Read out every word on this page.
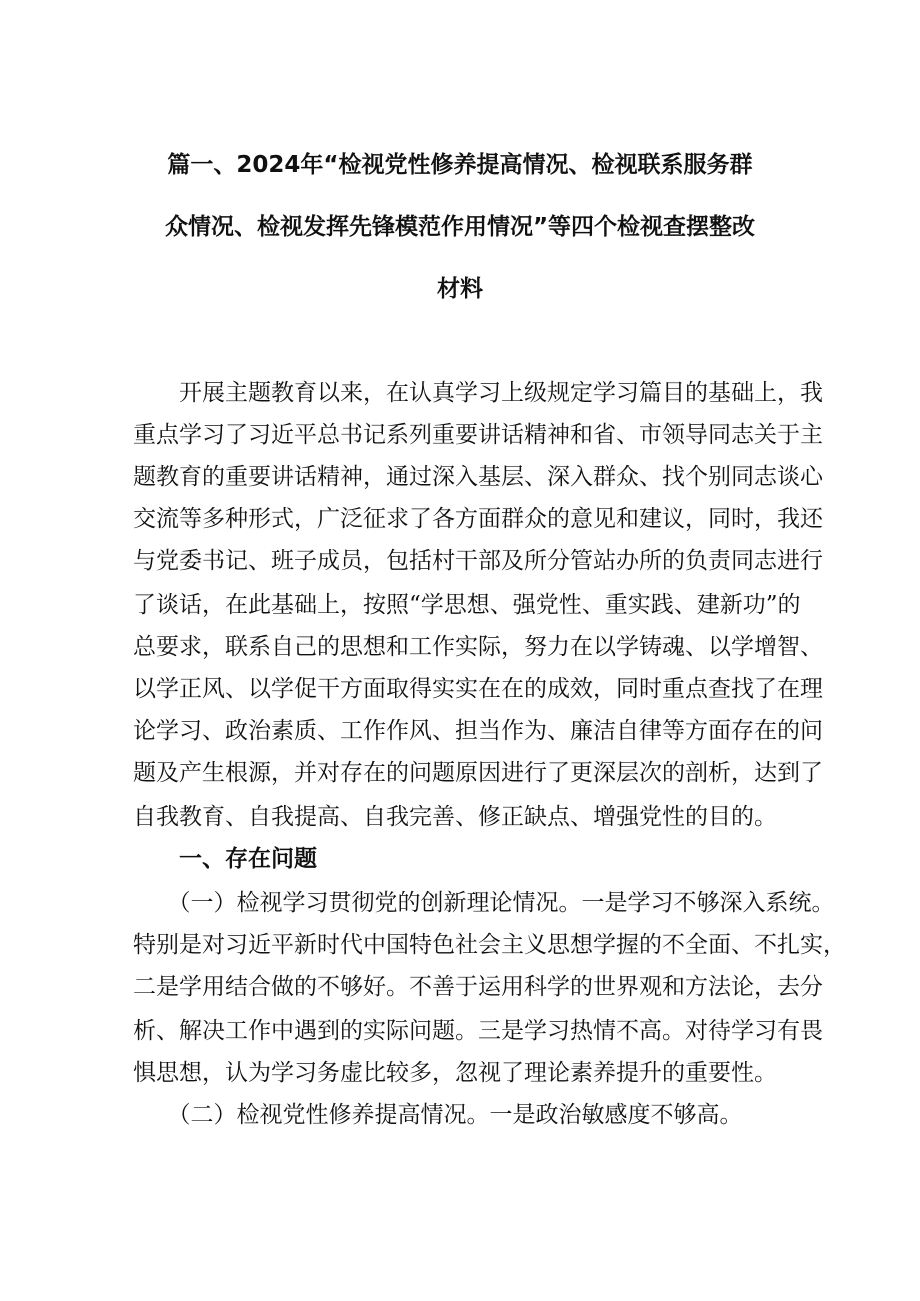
篇一、2024年“检视党性修养提高情况、检视联系服务群
众情况、检视发挥先锋模范作用情况”等四个检视查摆整改
材料
　　开展主题教育以来，在认真学习上级规定学习篇目的基础上，我
重点学习了习近平总书记系列重要讲话精神和省、市领导同志关于主
题教育的重要讲话精神，通过深入基层、深入群众、找个别同志谈心
交流等多种形式，广泛征求了各方面群众的意见和建议，同时，我还
与党委书记、班子成员，包括村干部及所分管站办所的负责同志进行
了谈话，在此基础上，按照“学思想、强党性、重实践、建新功”的
总要求，联系自己的思想和工作实际，努力在以学铸魂、以学增智、
以学正风、以学促干方面取得实实在在的成效，同时重点查找了在理
论学习、政治素质、工作作风、担当作为、廉洁自律等方面存在的问
题及产生根源，并对存在的问题原因进行了更深层次的剖析，达到了
自我教育、自我提高、自我完善、修正缺点、增强党性的目的。
　　一、存在问题
　　（一）检视学习贯彻党的创新理论情况。一是学习不够深入系统。
特别是对习近平新时代中国特色社会主义思想学握的不全面、不扎实，
二是学用结合做的不够好。不善于运用科学的世界观和方法论，去分
析、解决工作中遇到的实际问题。三是学习热情不高。对待学习有畏
惧思想，认为学习务虚比较多，忽视了理论素养提升的重要性。
　　（二）检视党性修养提高情况。一是政治敏感度不够高。
